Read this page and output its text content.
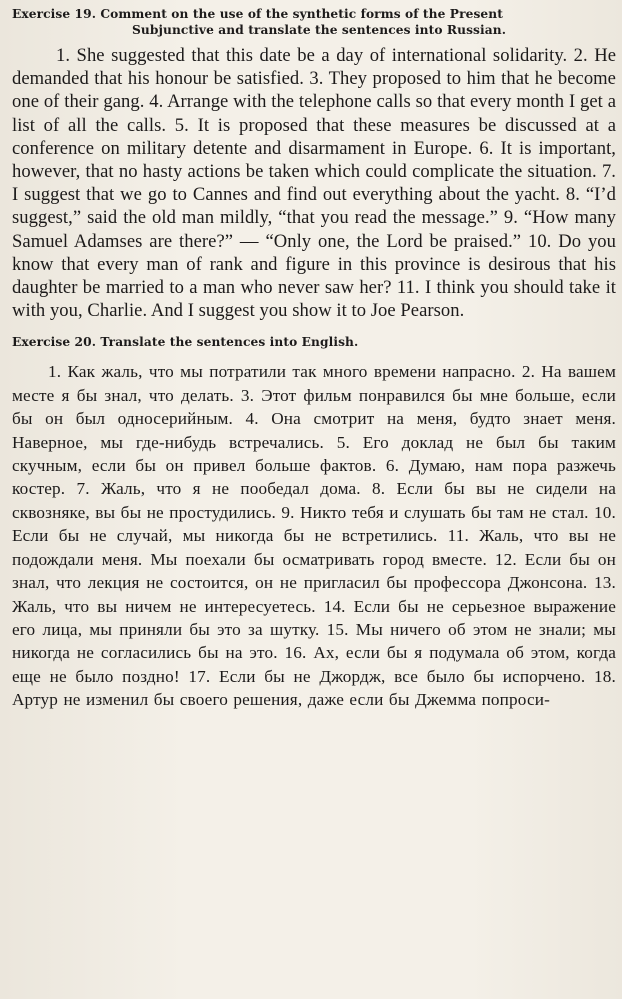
Exercise 19. Comment on the use of the synthetic forms of the Present
Subjunctive and translate the sentences into Russian.

1. She suggested that this date be a day of international solidarity. 2. He demanded that his honour be satisfied. 3. They proposed to him that he become one of their gang. 4. Arrange with the telephone calls so that every month I get a list of all the calls. 5. It is proposed that these measures be discussed at a conference on military detente and disarmament in Europe. 6. It is important, however, that no hasty actions be taken which could complicate the situation. 7. I suggest that we go to Cannes and find out everything about the yacht. 8. “I’d suggest,” said the old man mildly, “that you read the message.” 9. “How many Samuel Adamses are there?” — “Only one, the Lord be praised.” 10. Do you know that every man of rank and figure in this province is desirous that his daughter be married to a man who never saw her? 11. I think you should take it with you, Charlie. And I suggest you show it to Joe Pearson.

Exercise 20. Translate the sentences into English.

1. Как жаль, что мы потратили так много времени напрасно. 2. На вашем месте я бы знал, что делать. 3. Этот фильм понравился бы мне больше, если бы он был односерийным. 4. Она смотрит на меня, будто знает меня. Наверное, мы где-нибудь встречались. 5. Его доклад не был бы таким скучным, если бы он привел больше фактов. 6. Думаю, нам пора разжечь костер. 7. Жаль, что я не пообедал дома. 8. Если бы вы не сидели на сквозняке, вы бы не простудились. 9. Никто тебя и слушать бы там не стал. 10. Если бы не случай, мы никогда бы не встретились. 11. Жаль, что вы не подождали меня. Мы поехали бы осматривать город вместе. 12. Если бы он знал, что лекция не состоится, он не пригласил бы профессора Джонсона. 13. Жаль, что вы ничем не интересуетесь. 14. Если бы не серьезное выражение его лица, мы приняли бы это за шутку. 15. Мы ничего об этом не знали; мы никогда не согласились бы на это. 16. Ах, если бы я подумала об этом, когда еще не было поздно! 17. Если бы не Джордж, все было бы испорчено. 18. Артур не изменил бы своего решения, даже если бы Джемма попроси-
